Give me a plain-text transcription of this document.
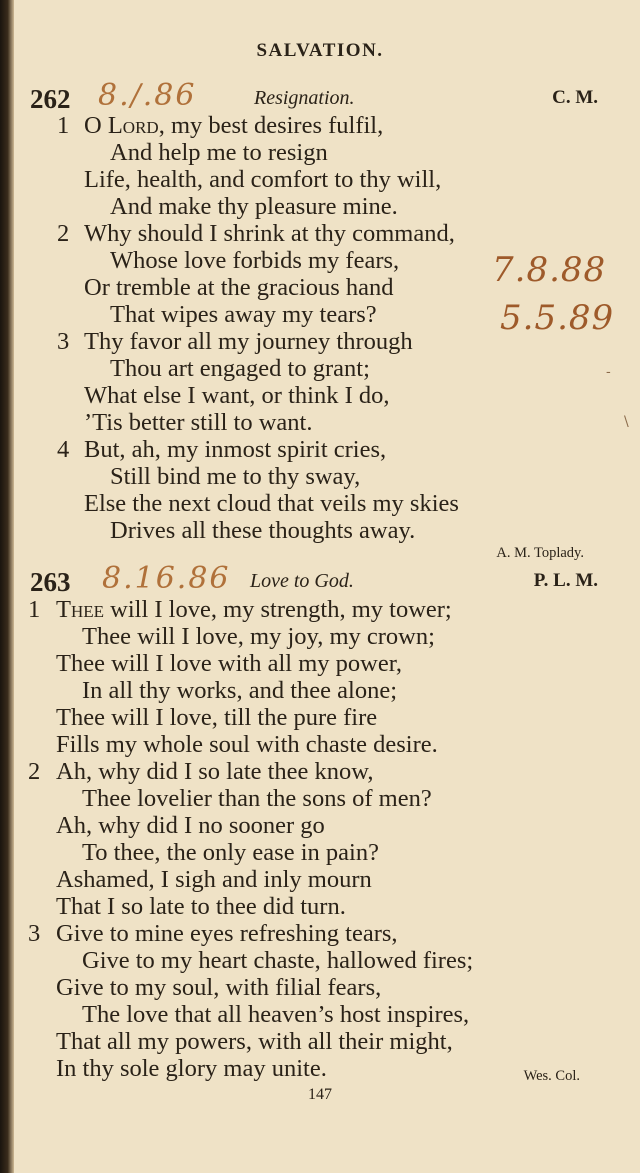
SALVATION.
262 8./.86	Resignation.	C. M.
1 O Lord, my best desires fulfil,
And help me to resign
Life, health, and comfort to thy will,
And make thy pleasure mine.
2 Why should I shrink at thy command,
Whose love forbids my fears,
Or tremble at the gracious hand
That wipes away my tears?
7.8.88
5.5.89
3 Thy favor all my journey through
Thou art engaged to grant;
What else I want, or think I do,
’Tis better still to want.
4 But, ah, my inmost spirit cries,
Still bind me to thy sway,
Else the next cloud that veils my skies
Drives all these thoughts away.
A. M. Toplady.
263 8.16.86 Love to God.	P. L. M.
1 Thee will I love, my strength, my tower;
Thee will I love, my joy, my crown;
Thee will I love with all my power,
In all thy works, and thee alone;
Thee will I love, till the pure fire
Fills my whole soul with chaste desire.
2 Ah, why did I so late thee know,
Thee lovelier than the sons of men?
Ah, why did I no sooner go
To thee, the only ease in pain?
Ashamed, I sigh and inly mourn
That I so late to thee did turn.
3 Give to mine eyes refreshing tears,
Give to my heart chaste, hallowed fires;
Give to my soul, with filial fears,
The love that all heaven’s host inspires,
That all my powers, with all their might,
In thy sole glory may unite.	Wes. Col.
-
\
147
